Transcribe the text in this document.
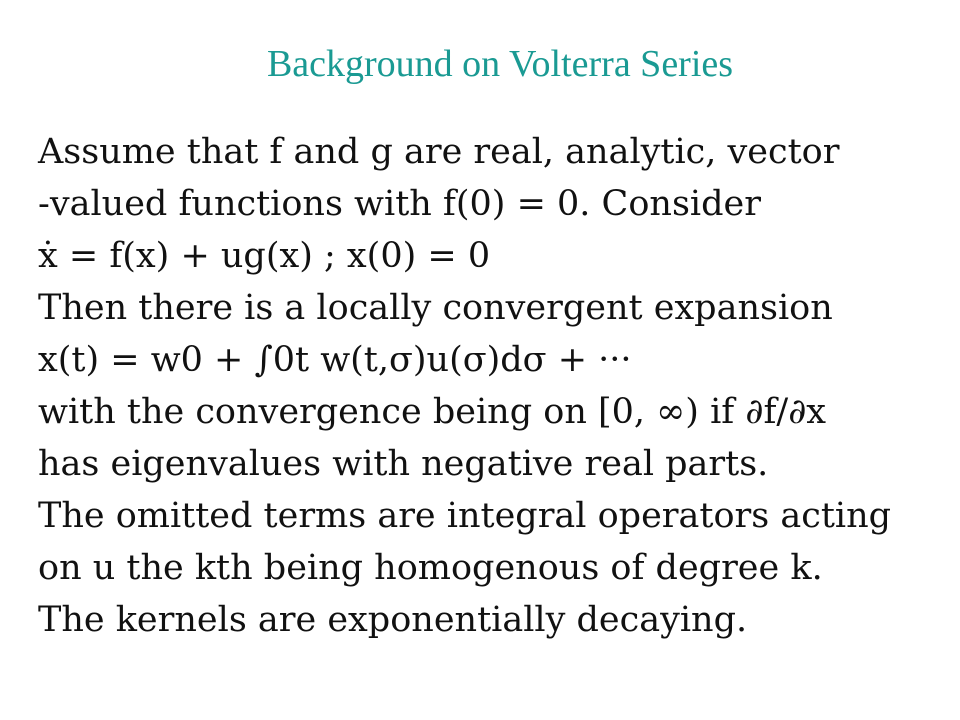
Background on Volterra Series
Assume that f and g are real, analytic, vector
-valued functions with f(0) = 0. Consider
ẋ = f(x) + ug(x) ; x(0) = 0
Then there is a locally convergent expansion
x(t) = w0 + ∫0t w(t,σ)u(σ)dσ + ···
with the convergence being on [0, ∞) if ∂f/∂x
has eigenvalues with negative real parts.
The omitted terms are integral operators acting
on u the kth being homogenous of degree k.
The kernels are exponentially decaying.
